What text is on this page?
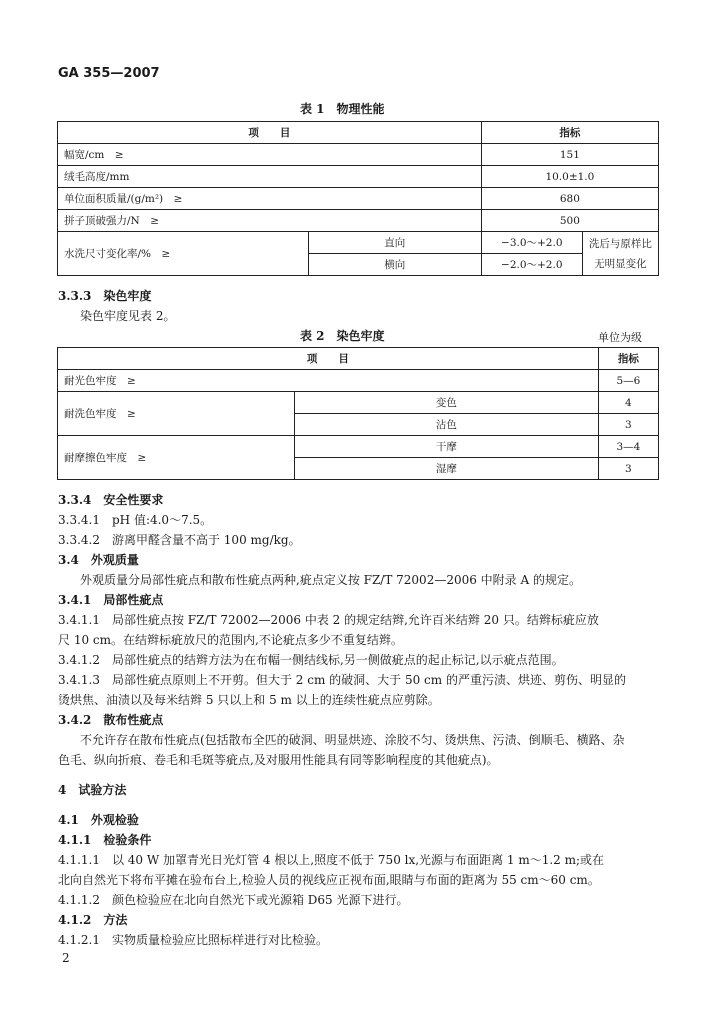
GA 355—2007
表 1　物理性能
项　　目		指标	
幅宽/cm　≥		151	
绒毛高度/mm		10.0±1.0	
单位面积质量/(g/m²)　≥		680	
拼子顶破强力/N　≥		500	
水洗尺寸变化率/%　≥	直向	−3.0～+2.0	洗后与原样比
无明显变化

	横向	−2.0～+2.0	
3.3.3　染色牢度
染色牢度见表 2。
表 2　染色牢度	单位为级
项　　目		指标
耐光色牢度　≥		5—6
耐洗色牢度　≥	变色	4
	沾色	3
耐摩擦色牢度　≥	干摩	3—4
	湿摩	3
3.3.4　安全性要求
3.3.4.1　pH 值:4.0～7.5。
3.3.4.2　游离甲醛含量不高于 100 mg/kg。
3.4　外观质量
外观质量分局部性疵点和散布性疵点两种,疵点定义按 FZ/T 72002—2006 中附录 A 的规定。
3.4.1　局部性疵点
3.4.1.1　局部性疵点按 FZ/T 72002—2006 中表 2 的规定结辫,允许百米结辫 20 只。结辫标疵应放
尺 10 cm。在结辫标疵放尺的范围内,不论疵点多少不重复结辫。
3.4.1.2　局部性疵点的结辫方法为在布幅一侧结线标,另一侧做疵点的起止标记,以示疵点范围。
3.4.1.3　局部性疵点原则上不开剪。但大于 2 cm 的破洞、大于 50 cm 的严重污渍、烘迹、剪伤、明显的
烫烘焦、油渍以及每米结辫 5 只以上和 5 m 以上的连续性疵点应剪除。
3.4.2　散布性疵点
不允许存在散布性疵点(包括散布全匹的破洞、明显烘迹、涂胶不匀、烫烘焦、污渍、倒顺毛、横路、杂
色毛、纵向折痕、卷毛和毛斑等疵点,及对服用性能具有同等影响程度的其他疵点)。
4　试验方法
4.1　外观检验
4.1.1　检验条件
4.1.1.1　以 40 W 加罩青光日光灯管 4 根以上,照度不低于 750 lx,光源与布面距离 1 m～1.2 m;或在
北向自然光下将布平摊在验布台上,检验人员的视线应正视布面,眼睛与布面的距离为 55 cm～60 cm。
4.1.1.2　颜色检验应在北向自然光下或光源箱 D65 光源下进行。
4.1.2　方法
4.1.2.1　实物质量检验应比照标样进行对比检验。
2
